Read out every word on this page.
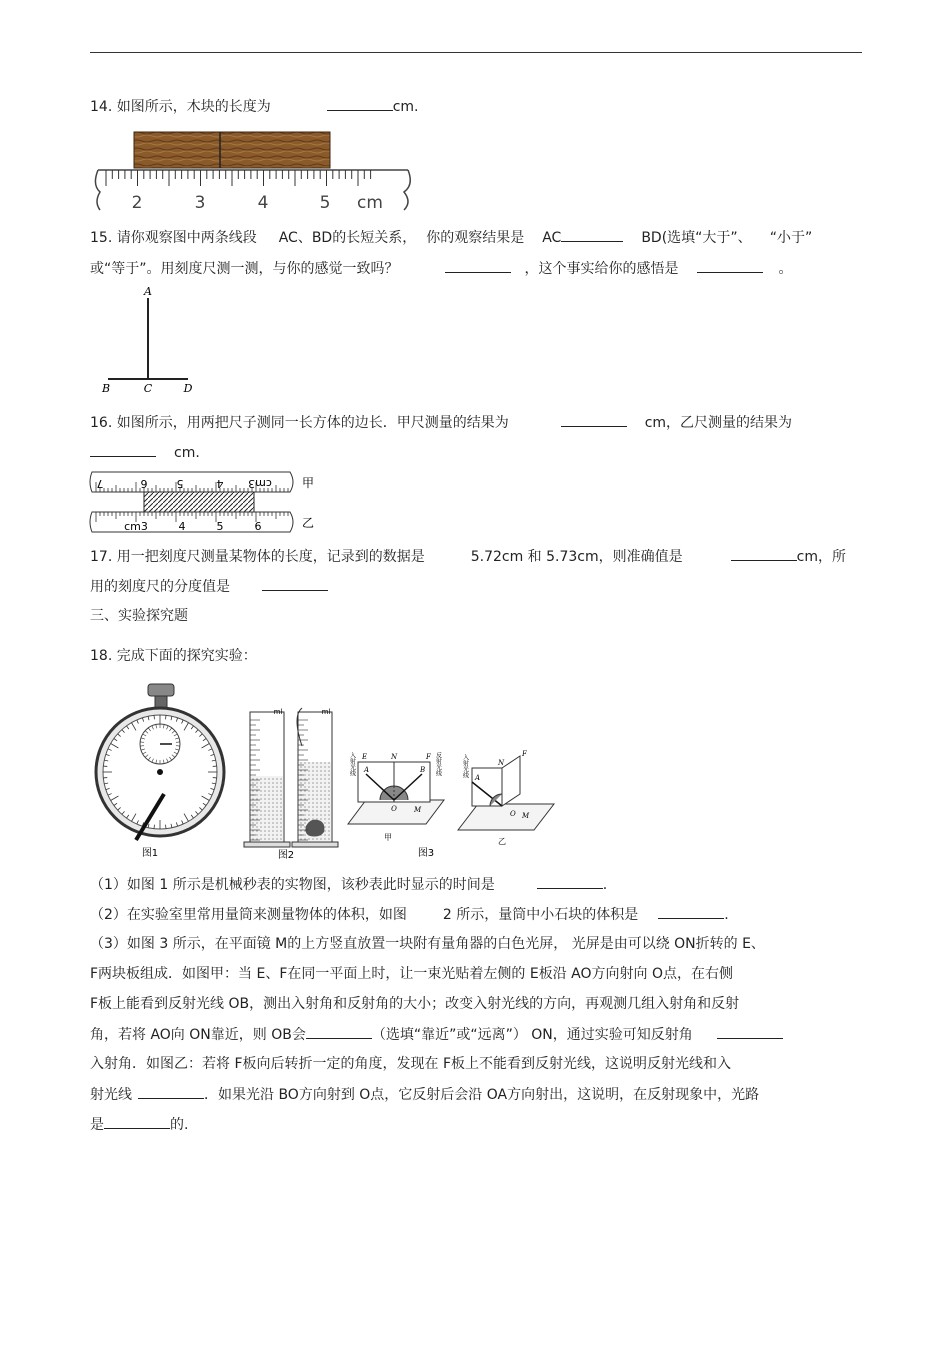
14. 如图所示，木块的长度为	cm.
2	3	4	5 cm
15. 请你观察图中两条线段 AC、BD的长短关系， 你的观察结果是 AC	BD(选填“大于”、 “小于”
或“等于”。用刻度尺测一测，与你的感觉一致吗？	，这个事实给你的感悟是	。
A
B	C	D
16. 如图所示，用两把尺子测同一长方体的边长．甲尺测量的结果为	cm，乙尺测量的结果为
cm.
7	6	5	4 cm3	甲
cm3	4	5	6	乙
17. 用一把刻度尺测量某物体的长度，记录到的数据是	5.72cm 和 5.73cm，则准确值是	cm，所
用的刻度尺的分度值是
三、实验探究题
18. 完成下面的探究实验：
图1
ml	ml
图2
E	N	F
A	B
O M
入射光线	反射光线
甲
A
N
F
O M
入射光线
乙
图3
（1）如图 1 所示是机械秒表的实物图，该秒表此时显示的时间是	.
（2）在实验室里常用量筒来测量物体的体积，如图	2 所示，量筒中小石块的体积是	.
（3）如图 3 所示，在平面镜 M的上方竖直放置一块附有量角器的白色光屏， 光屏是由可以绕 ON折转的 E、
F两块板组成．如图甲：当 E、F在同一平面上时，让一束光贴着左侧的 E板沿 AO方向射向 O点，在右侧
F板上能看到反射光线 OB，测出入射角和反射角的大小；改变入射光线的方向，再观测几组入射角和反射
角，若将 AO向 ON靠近，则 OB会	（选填“靠近”或“远离”） ON，通过实验可知反射角
入射角．如图乙：若将 F板向后转折一定的角度，发现在 F板上不能看到反射光线，这说明反射光线和入
射光线	．如果光沿 BO方向射到 O点，它反射后会沿 OA方向射出，这说明，在反射现象中，光路
是	的.
